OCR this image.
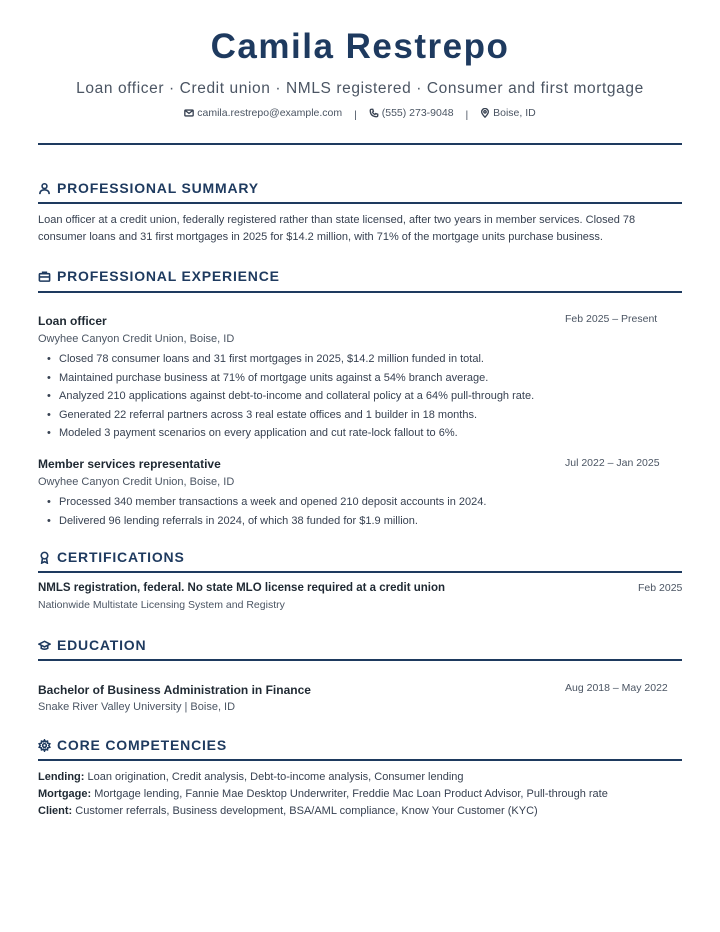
Camila Restrepo
Loan officer · Credit union · NMLS registered · Consumer and first mortgage
camila.restrepo@example.com | (555) 273-9048 | Boise, ID
PROFESSIONAL SUMMARY
Loan officer at a credit union, federally registered rather than state licensed, after two years in member services. Closed 78 consumer loans and 31 first mortgages in 2025 for $14.2 million, with 71% of the mortgage units purchase business.
PROFESSIONAL EXPERIENCE
Loan officer	Feb 2025 – Present
Owyhee Canyon Credit Union, Boise, ID
• Closed 78 consumer loans and 31 first mortgages in 2025, $14.2 million funded in total.
• Maintained purchase business at 71% of mortgage units against a 54% branch average.
• Analyzed 210 applications against debt-to-income and collateral policy at a 64% pull-through rate.
• Generated 22 referral partners across 3 real estate offices and 1 builder in 18 months.
• Modeled 3 payment scenarios on every application and cut rate-lock fallout to 6%.
Member services representative	Jul 2022 – Jan 2025
Owyhee Canyon Credit Union, Boise, ID
• Processed 340 member transactions a week and opened 210 deposit accounts in 2024.
• Delivered 96 lending referrals in 2024, of which 38 funded for $1.9 million.
CERTIFICATIONS
NMLS registration, federal. No state MLO license required at a credit union	Feb 2025
Nationwide Multistate Licensing System and Registry
EDUCATION
Bachelor of Business Administration in Finance	Aug 2018 – May 2022
Snake River Valley University | Boise, ID
CORE COMPETENCIES
Lending: Loan origination, Credit analysis, Debt-to-income analysis, Consumer lending
Mortgage: Mortgage lending, Fannie Mae Desktop Underwriter, Freddie Mac Loan Product Advisor, Pull-through rate
Client: Customer referrals, Business development, BSA/AML compliance, Know Your Customer (KYC)
